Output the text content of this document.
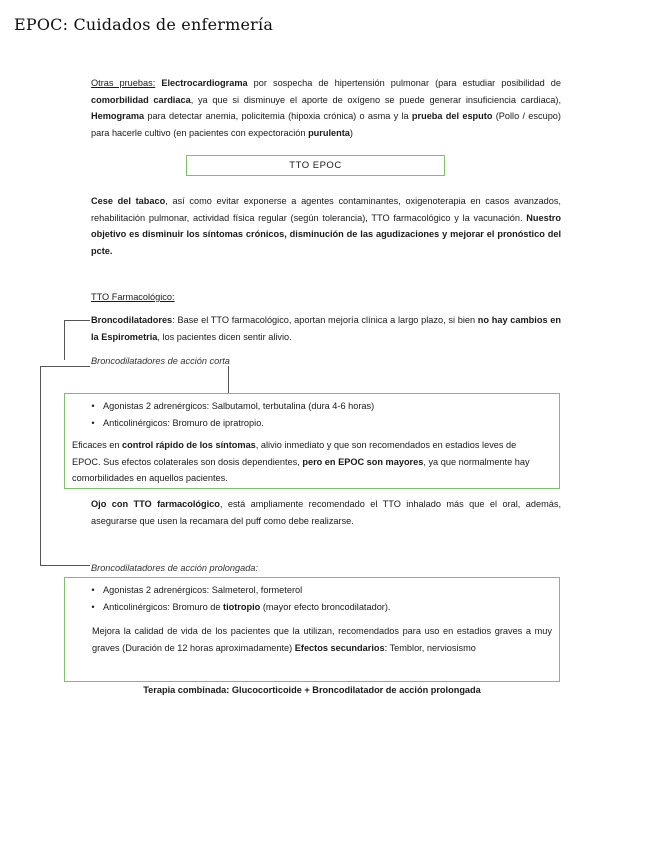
EPOC: Cuidados de enfermería
Otras pruebas: Electrocardiograma por sospecha de hipertensión pulmonar (para estudiar posibilidad de comorbilidad cardiaca, ya que si disminuye el aporte de oxígeno se puede generar insuficiencia cardiaca), Hemograma para detectar anemia, policitemia (hipoxia crónica) o asma y la prueba del esputo (Pollo / escupo) para hacerle cultivo (en pacientes con expectoración purulenta)
TTO EPOC
Cese del tabaco, así como evitar exponerse a agentes contaminantes, oxigenoterapia en casos avanzados, rehabilitación pulmonar, actividad física regular (según tolerancia), TTO farmacológico y la vacunación. Nuestro objetivo es disminuir los síntomas crónicos, disminución de las agudizaciones y mejorar el pronóstico del pcte.
TTO Farmacológico:
Broncodilatadores: Base el TTO farmacológico, aportan mejoría clínica a largo plazo, si bien no hay cambios en la Espirometria, los pacientes dicen sentir alivio.
Broncodilatadores de acción corta
• Agonistas 2 adrenérgicos: Salbutamol, terbutalina (dura 4-6 horas)
• Anticolinérgicos: Bromuro de ipratropio.
Eficaces en control rápido de los síntomas, alivio inmediato y que son recomendados en estadios leves de EPOC. Sus efectos colaterales son dosis dependientes, pero en EPOC son mayores, ya que normalmente hay comorbilidades en aquellos pacientes.
Ojo con TTO farmacológico, está ampliamente recomendado el TTO inhalado más que el oral, además, asegurarse que usen la recamara del puff como debe realizarse.
Broncodilatadores de acción prolongada:
• Agonistas 2 adrenérgicos: Salmeterol, formeterol
• Anticolinérgicos: Bromuro de tiotropio (mayor efecto broncodilatador).
Mejora la calidad de vida de los pacientes que la utilizan, recomendados para uso en estadios graves a muy graves (Duración de 12 horas aproximadamente) Efectos secundarios: Temblor, nerviosismo
Terapia combinada: Glucocorticoide + Broncodilatador de acción prolongada
